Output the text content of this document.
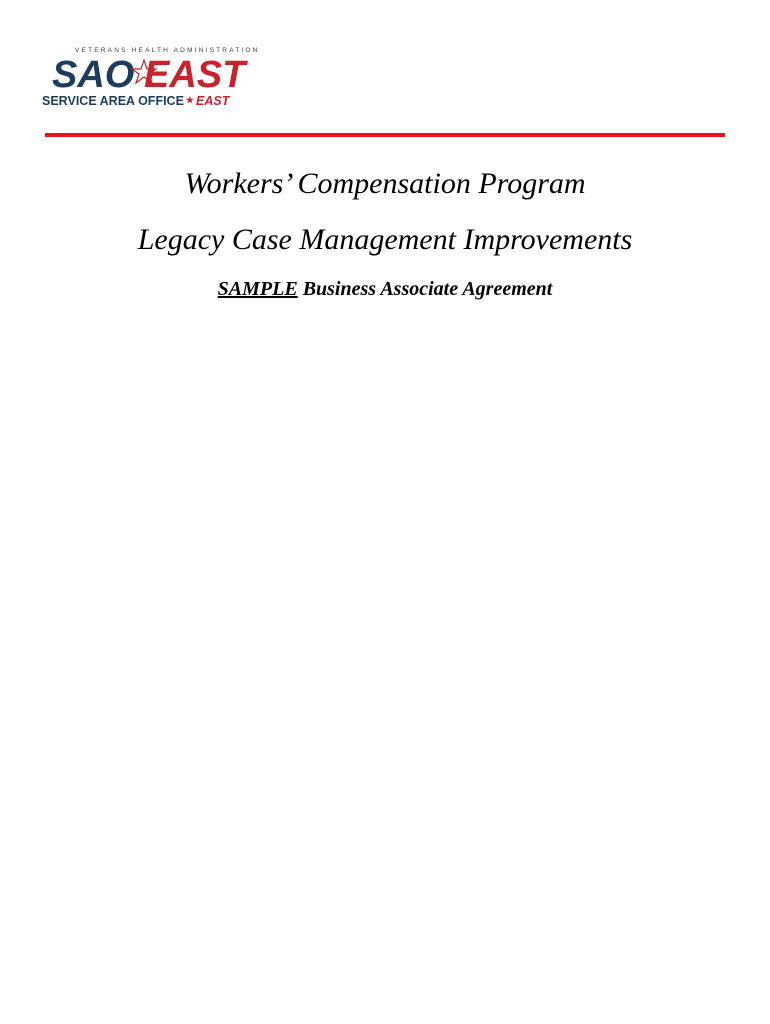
VETERANS HEALTH ADMINISTRATION
SAO EAST
SERVICE AREA OFFICE ★ EAST
Workers’ Compensation Program
Legacy Case Management Improvements

SAMPLE Business Associate Agreement
